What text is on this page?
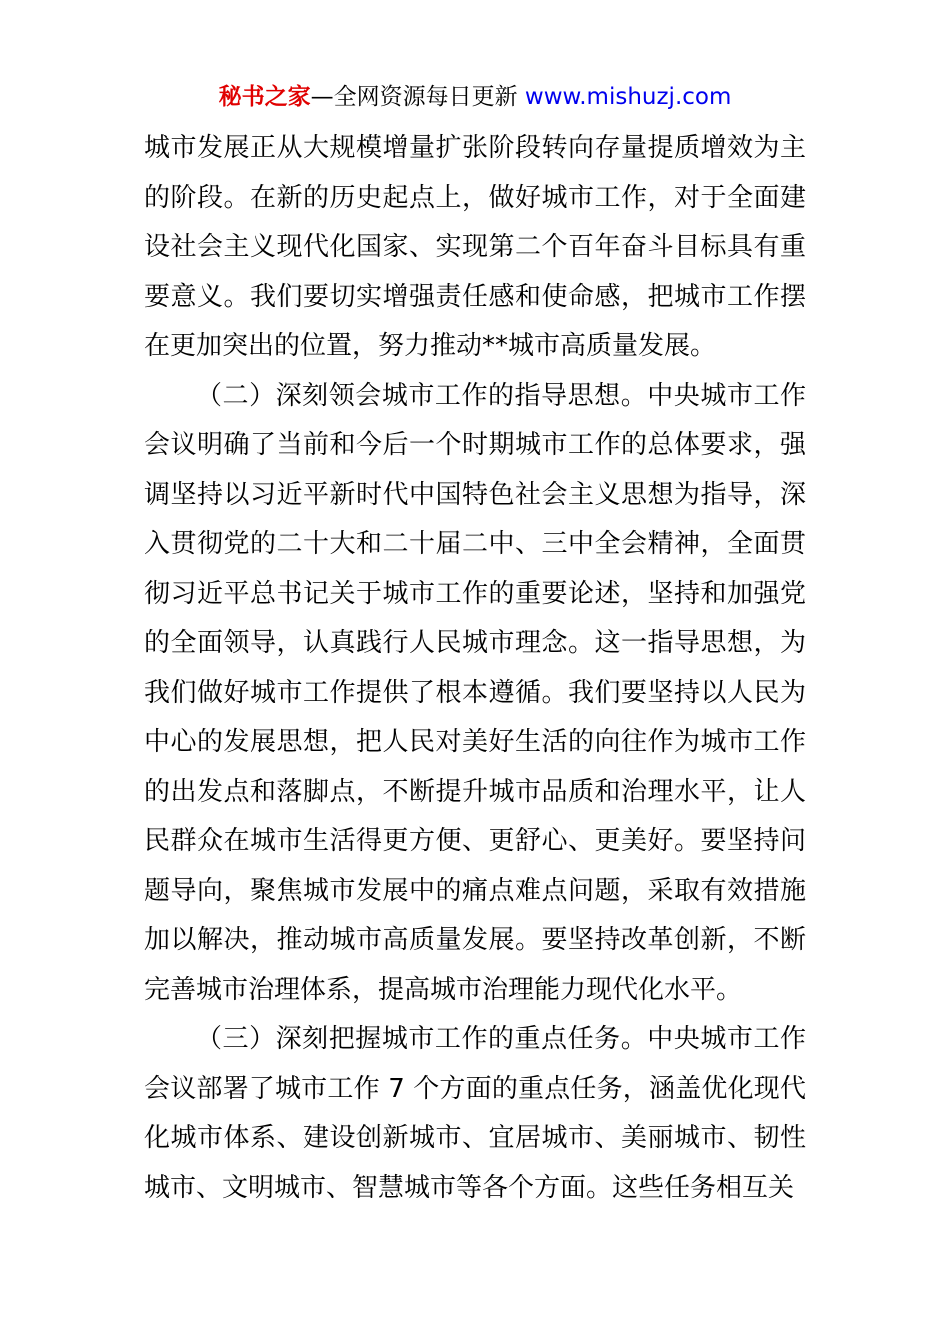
秘书之家—全网资源每日更新 www.mishuzj.com

城市发展正从大规模增量扩张阶段转向存量提质增效为主的阶段。在新的历史起点上，做好城市工作，对于全面建设社会主义现代化国家、实现第二个百年奋斗目标具有重要意义。我们要切实增强责任感和使命感，把城市工作摆在更加突出的位置，努力推动**城市高质量发展。

（二）深刻领会城市工作的指导思想。中央城市工作会议明确了当前和今后一个时期城市工作的总体要求，强调坚持以习近平新时代中国特色社会主义思想为指导，深入贯彻党的二十大和二十届二中、三中全会精神，全面贯彻习近平总书记关于城市工作的重要论述，坚持和加强党的全面领导，认真践行人民城市理念。这一指导思想，为我们做好城市工作提供了根本遵循。我们要坚持以人民为中心的发展思想，把人民对美好生活的向往作为城市工作的出发点和落脚点，不断提升城市品质和治理水平，让人民群众在城市生活得更方便、更舒心、更美好。要坚持问题导向，聚焦城市发展中的痛点难点问题，采取有效措施加以解决，推动城市高质量发展。要坚持改革创新，不断完善城市治理体系，提高城市治理能力现代化水平。

（三）深刻把握城市工作的重点任务。中央城市工作会议部署了城市工作 7 个方面的重点任务，涵盖优化现代化城市体系、建设创新城市、宜居城市、美丽城市、韧性城市、文明城市、智慧城市等各个方面。这些任务相互关
